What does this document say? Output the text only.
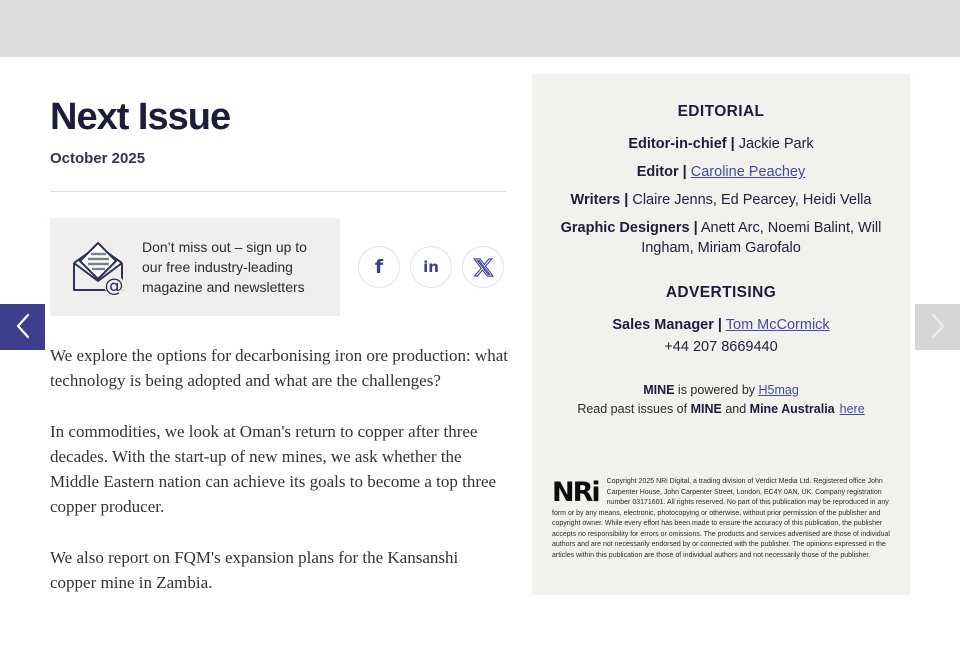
Next Issue
October 2025
@

Don’t miss out – sign up to our free industry-leading magazine and newsletters

f	in

We explore the options for decarbonising iron ore production: what technology is being adopted and what are the challenges?

In commodities, we look at Oman's return to copper after three decades. With the start-up of new mines, we ask whether the Middle Eastern nation can achieve its goals to become a top three copper producer.

We also report on FQM's expansion plans for the Kansanshi copper mine in Zambia.

EDITORIAL

Editor-in-chief | Jackie Park

Editor | Caroline Peachey

Writers | Claire Jenns, Ed Pearcey, Heidi Vella

Graphic Designers | Anett Arc, Noemi Balint, Will Ingham, Miriam Garofalo

ADVERTISING

Sales Manager | Tom McCormick

+44 207 8669440

MINE is powered by H5mag

Read past issues of MINE and Mine Australia here

NRi Copyright 2025 NRi Digital, a trading division of Verdict Media Ltd. Registered office John Carpenter House, John Carpenter Street, London, EC4Y 0AN, UK. Company registration number 03171601. All rights reserved. No part of this publication may be reproduced in any form or by any means, electronic, photocopying or otherwise, without prior permission of the publisher and copyright owner. While every effort has been made to ensure the accuracy of this publication, the publisher accepts no responsibility for errors or omissions. The products and services advertised are those of individual authors and are not necessarily endorsed by or connected with the publisher. The opinions expressed in the articles within this publication are those of individual authors and not necessarily those of the publisher.
